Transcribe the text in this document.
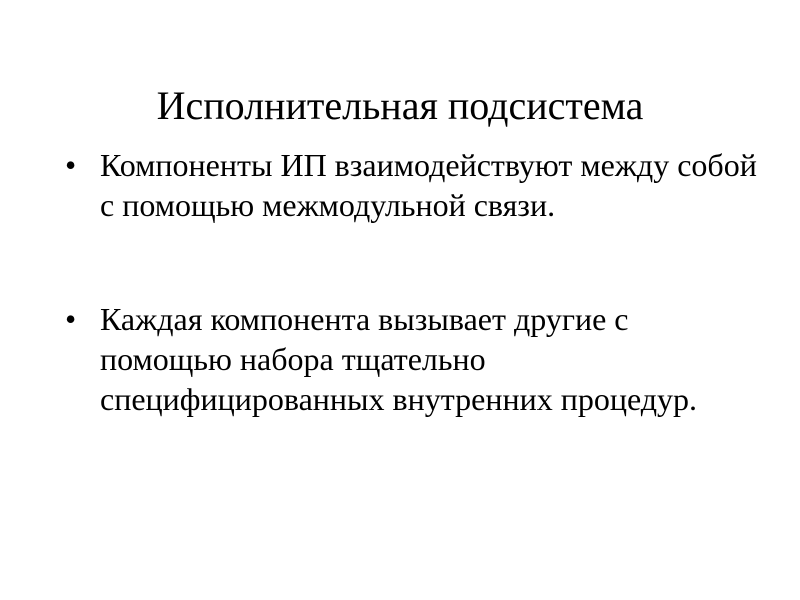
Исполнительная подсистема
• Компоненты ИП взаимодействуют между собой с помощью межмодульной связи.
• Каждая компонента вызывает другие с помощью набора тщательно специфицированных внутренних процедур.
